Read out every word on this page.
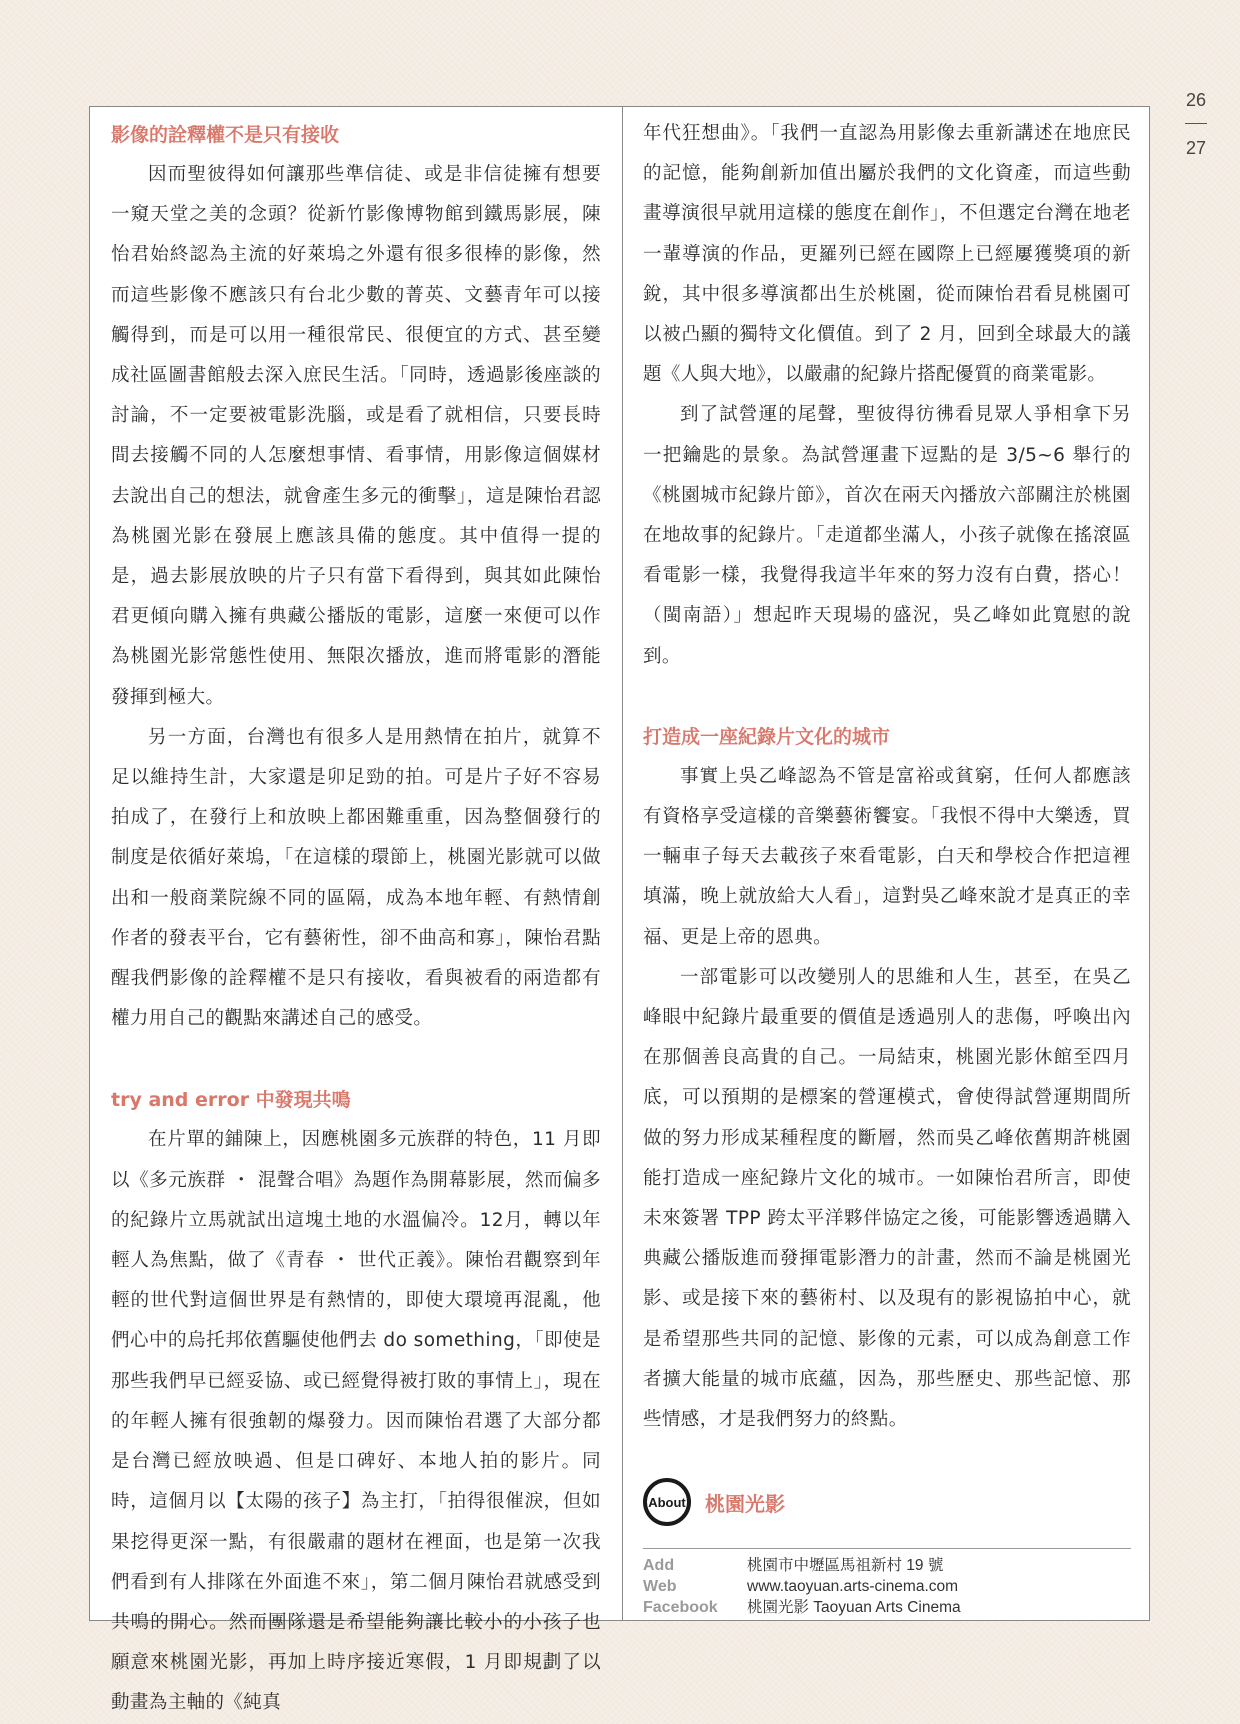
26
27
影像的詮釋權不是只有接收

因而聖彼得如何讓那些準信徒、或是非信徒擁有想要一窺天堂之美的念頭？從新竹影像博物館到鐵馬影展，陳怡君始終認為主流的好萊塢之外還有很多很棒的影像，然而這些影像不應該只有台北少數的菁英、文藝青年可以接觸得到，而是可以用一種很常民、很便宜的方式、甚至變成社區圖書館般去深入庶民生活。「同時，透過影後座談的討論，不一定要被電影洗腦，或是看了就相信，只要長時間去接觸不同的人怎麼想事情、看事情，用影像這個媒材去說出自己的想法，就會產生多元的衝擊」，這是陳怡君認為桃園光影在發展上應該具備的態度。其中值得一提的是，過去影展放映的片子只有當下看得到，與其如此陳怡君更傾向購入擁有典藏公播版的電影，這麼一來便可以作為桃園光影常態性使用、無限次播放，進而將電影的潛能發揮到極大。

另一方面，台灣也有很多人是用熱情在拍片，就算不足以維持生計，大家還是卯足勁的拍。可是片子好不容易拍成了，在發行上和放映上都困難重重，因為整個發行的制度是依循好萊塢，「在這樣的環節上，桃園光影就可以做出和一般商業院線不同的區隔，成為本地年輕、有熱情創作者的發表平台，它有藝術性，卻不曲高和寡」，陳怡君點醒我們影像的詮釋權不是只有接收，看與被看的兩造都有權力用自己的觀點來講述自己的感受。

try and error 中發現共鳴

在片單的鋪陳上，因應桃園多元族群的特色，11 月即以《多元族群 ・ 混聲合唱》為題作為開幕影展，然而偏多的紀錄片立馬就試出這塊土地的水溫偏冷。12月，轉以年輕人為焦點，做了《青春 ・ 世代正義》。陳怡君觀察到年輕的世代對這個世界是有熱情的，即使大環境再混亂，他們心中的烏托邦依舊驅使他們去 do something，「即使是那些我們早已經妥協、或已經覺得被打敗的事情上」，現在的年輕人擁有很強韌的爆發力。因而陳怡君選了大部分都是台灣已經放映過、但是口碑好、本地人拍的影片。同時，這個月以【太陽的孩子】為主打，「拍得很催淚，但如果挖得更深一點，有很嚴肅的題材在裡面，也是第一次我們看到有人排隊在外面進不來」，第二個月陳怡君就感受到共鳴的開心。然而團隊還是希望能夠讓比較小的小孩子也願意來桃園光影，再加上時序接近寒假，1 月即規劃了以動畫為主軸的《純真

年代狂想曲》。「我們一直認為用影像去重新講述在地庶民的記憶，能夠創新加值出屬於我們的文化資產，而這些動畫導演很早就用這樣的態度在創作」，不但選定台灣在地老一輩導演的作品，更羅列已經在國際上已經屢獲獎項的新銳，其中很多導演都出生於桃園，從而陳怡君看見桃園可以被凸顯的獨特文化價值。到了 2 月，回到全球最大的議題《人與大地》，以嚴肅的紀錄片搭配優質的商業電影。

到了試營運的尾聲，聖彼得彷彿看見眾人爭相拿下另一把鑰匙的景象。為試營運畫下逗點的是 3/5~6 舉行的《桃園城市紀錄片節》，首次在兩天內播放六部關注於桃園在地故事的紀錄片。「走道都坐滿人，小孩子就像在搖滾區看電影一樣，我覺得我這半年來的努力沒有白費，搭心！（閩南語）」想起昨天現場的盛況，吳乙峰如此寬慰的說到。

打造成一座紀錄片文化的城市

事實上吳乙峰認為不管是富裕或貧窮，任何人都應該有資格享受這樣的音樂藝術饗宴。「我恨不得中大樂透，買一輛車子每天去載孩子來看電影，白天和學校合作把這裡填滿，晚上就放給大人看」，這對吳乙峰來說才是真正的幸福、更是上帝的恩典。

一部電影可以改變別人的思維和人生，甚至，在吳乙峰眼中紀錄片最重要的價值是透過別人的悲傷，呼喚出內在那個善良高貴的自己。一局結束，桃園光影休館至四月底，可以預期的是標案的營運模式，會使得試營運期間所做的努力形成某種程度的斷層，然而吳乙峰依舊期許桃園能打造成一座紀錄片文化的城市。一如陳怡君所言，即使未來簽署 TPP 跨太平洋夥伴協定之後，可能影響透過購入典藏公播版進而發揮電影潛力的計畫，然而不論是桃園光影、或是接下來的藝術村、以及現有的影視協拍中心，就是希望那些共同的記憶、影像的元素，可以成為創意工作者擴大能量的城市底蘊，因為，那些歷史、那些記憶、那些情感，才是我們努力的終點。

About 桃園光影
Add	桃園市中壢區馬祖新村 19 號
Web	www.taoyuan.arts-cinema.com
Facebook	桃園光影 Taoyuan Arts Cinema
